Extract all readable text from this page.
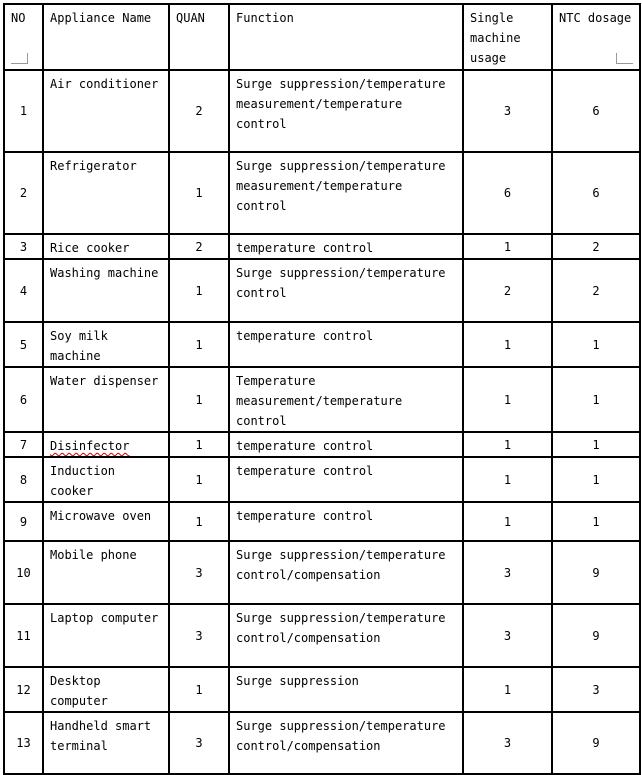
NO	Appliance Name	QUAN	Function	Single machine usage	NTC dosage

1	Air conditioner	2	Surge suppression/temperature measurement/temperature control	3	6
2	Refrigerator	1	Surge suppression/temperature measurement/temperature control	6	6
3	Rice cooker	2	temperature control	1	2
4	Washing machine	1	Surge suppression/temperature control	2	2
5	Soy milk machine	1	temperature control	1	1
6	Water dispenser	1	Temperature measurement/temperature control	1	1
7	Disinfector	1	temperature control	1	1
8	Induction cooker	1	temperature control	1	1
9	Microwave oven	1	temperature control	1	1
10	Mobile phone	3	Surge suppression/temperature control/compensation	3	9
11	Laptop computer	3	Surge suppression/temperature control/compensation	3	9
12	Desktop computer	1	Surge suppression	1	3
13	Handheld smart terminal	3	Surge suppression/temperature control/compensation	3	9
